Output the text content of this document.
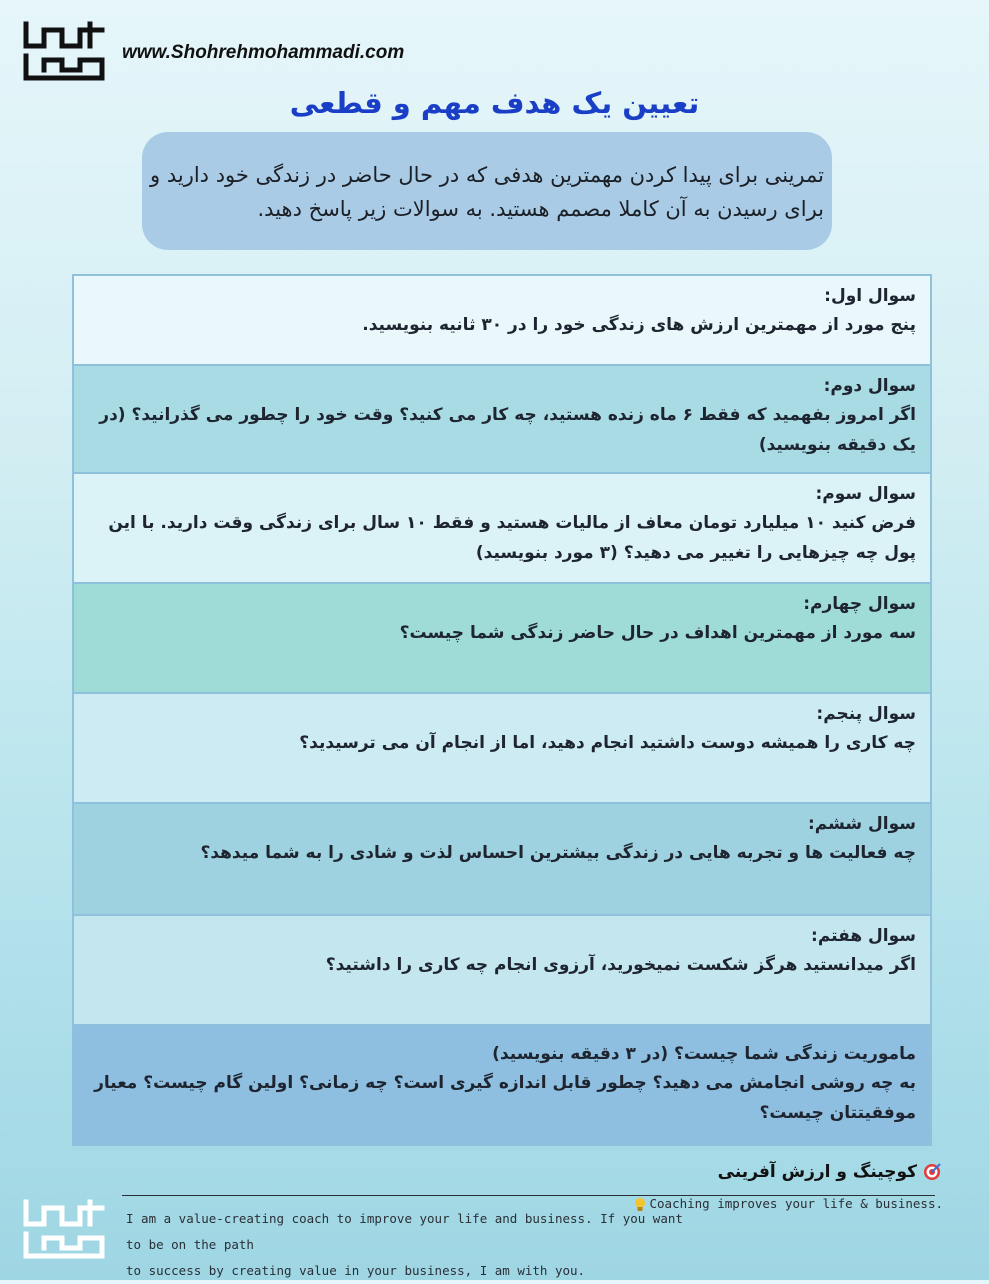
www.Shohrehmohammadi.com
تعیین یک هدف مهم و قطعی

تمرینی برای پیدا کردن مهمترین هدفی که در حال حاضر در زندگی خود دارید و برای رسیدن به آن کاملا مصمم هستید. به سوالات زیر پاسخ دهید.

سوال اول:
پنج مورد از مهمترین ارزش های زندگی خود را در ۳۰ ثانیه بنویسید.
سوال دوم:
اگر امروز بفهمید که فقط ۶ ماه زنده هستید، چه کار می کنید؟ وقت خود را چطور می گذرانید؟ (در یک دقیقه بنویسید)
سوال سوم:
فرض کنید ۱۰ میلیارد تومان معاف از مالیات هستید و فقط ۱۰ سال برای زندگی وقت دارید. با این پول چه چیزهایی را تغییر می دهید؟ (۳ مورد بنویسید)
سوال چهارم:
سه مورد از مهمترین اهداف در حال حاضر زندگی شما چیست؟
سوال پنجم:
چه کاری را همیشه دوست داشتید انجام دهید، اما از انجام آن می ترسیدید؟
سوال ششم:
چه فعالیت ها و تجربه هایی در زندگی بیشترین احساس لذت و شادی را به شما میدهد؟
سوال هفتم:
اگر میدانستید هرگز شکست نمیخورید، آرزوی انجام چه کاری را داشتید؟
ماموریت زندگی شما چیست؟ (در ۳ دقیقه بنویسید)
به چه روشی انجامش می دهید؟ چطور قابل اندازه گیری است؟ چه زمانی؟ اولین گام چیست؟ معیار موفقیتتان چیست؟
کوچینگ و ارزش آفرینی
Coaching improves your life & business.
I am a value-creating coach to improve your life and business. If you want to be on the path
to success by creating value in your business, I am with you.
